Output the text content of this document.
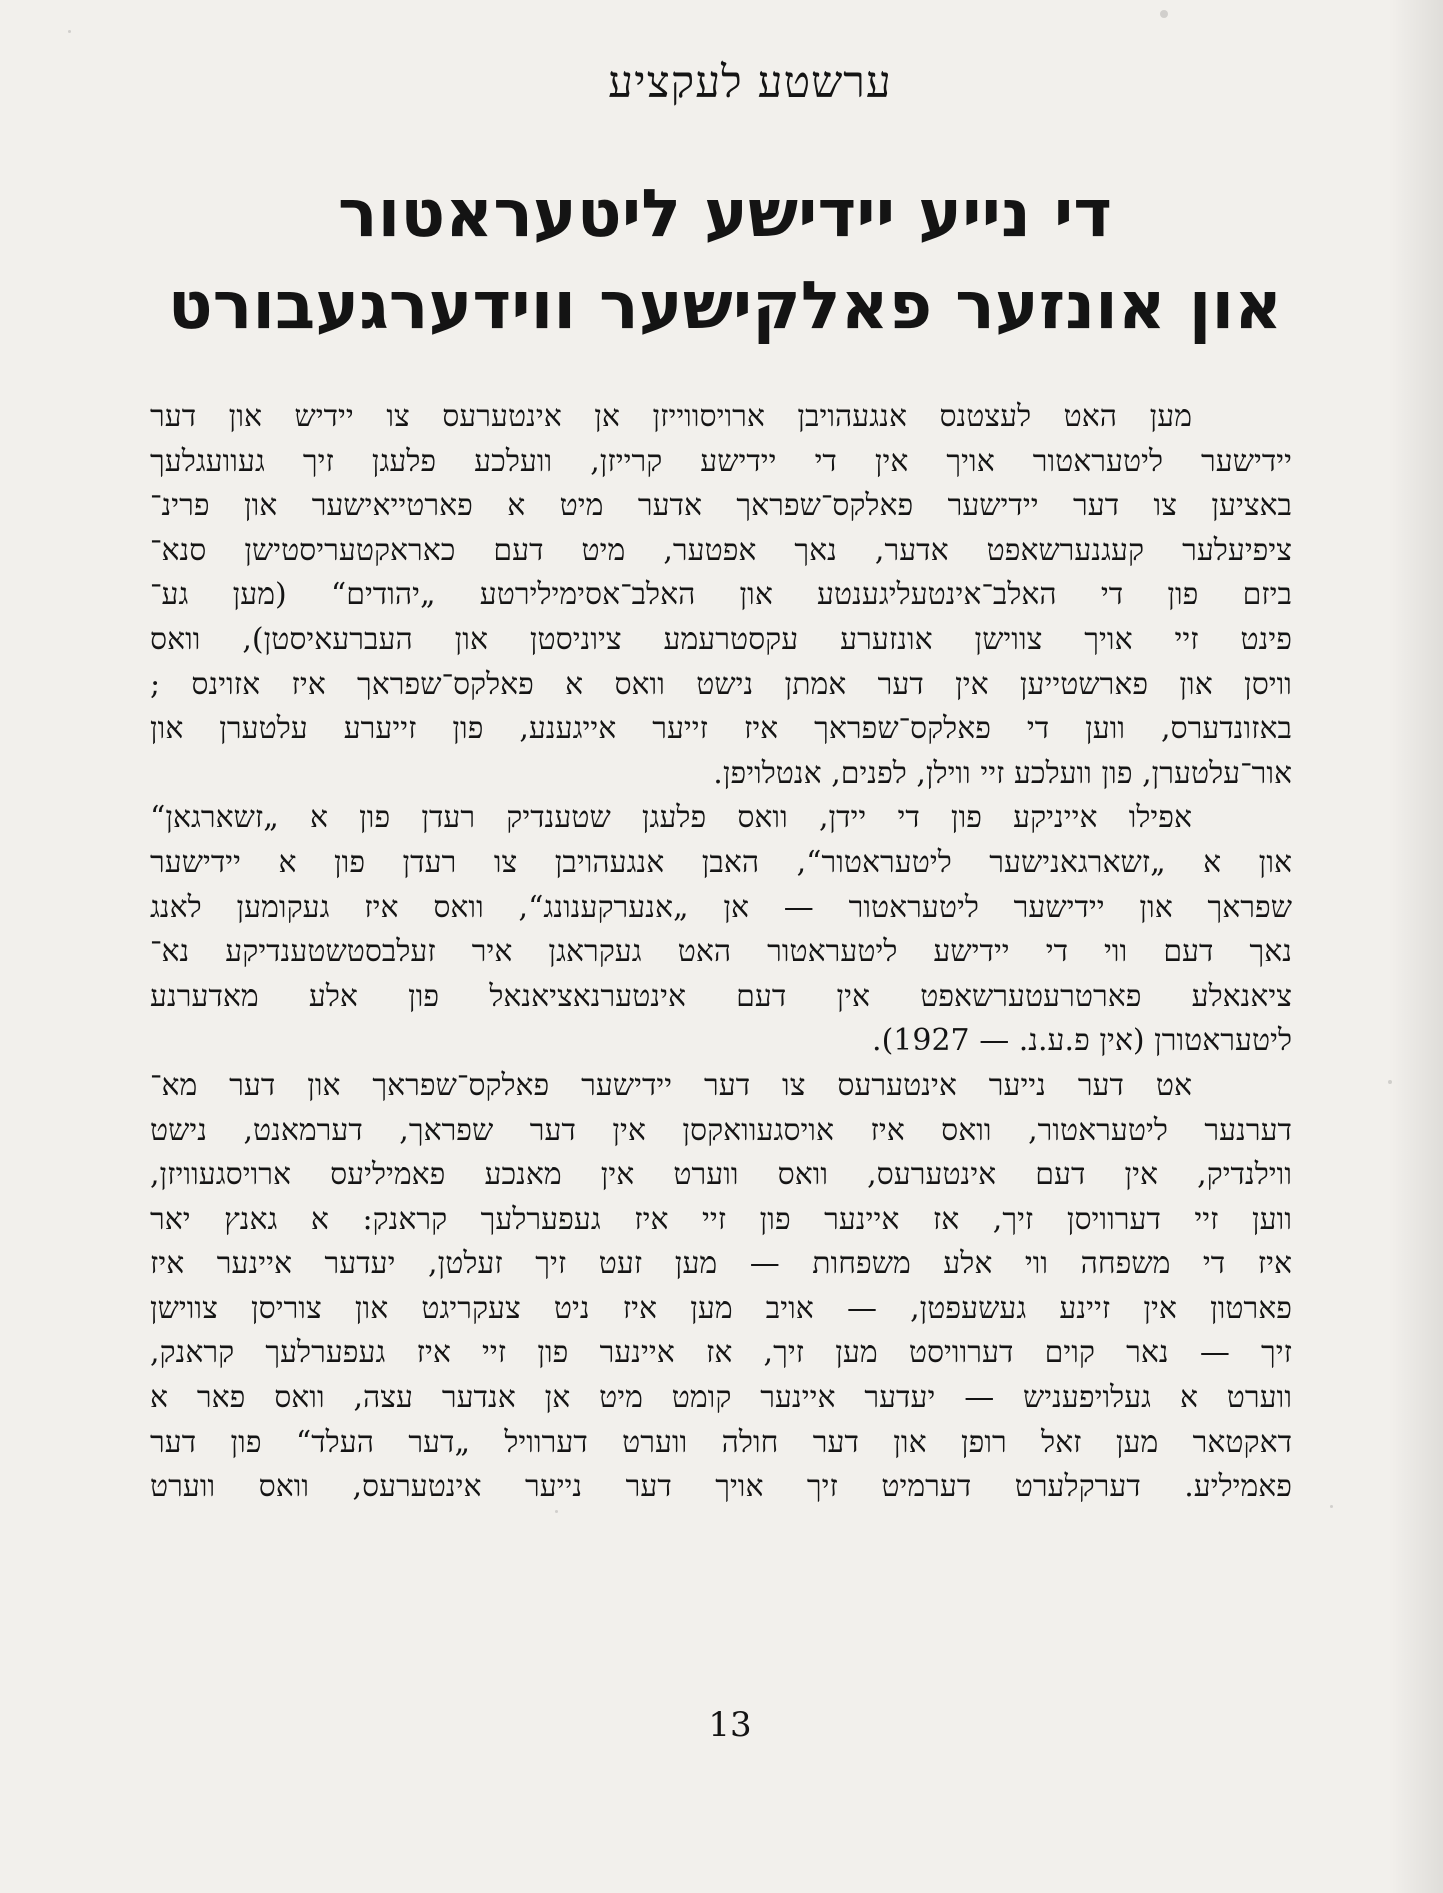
ערשטע לעקציע
די נייע יידישע ליטעראטור
און אונזער פאלקישער ווידערגעבורט
מען האט לעצטנס אנגעהויבן ארויסווייזן אן אינטערעס צו יידיש און דער
יידישער ליטעראטור אויך אין די יידישע קרייזן, וועלכע פלעגן זיך געוועגלעך
באציען צו דער יידישער פאלקס־שפראך אדער מיט א פארטייאישער און פרינ־
ציפיעלער קעגנערשאפט אדער, נאך אפטער, מיט דעם כאראקטעריסטישן סנא־
ביזם פון די האלב־אינטעליגענטע און האלב־אסימילירטע „יהודים“ (מען גע־
פינט זיי אויך צווישן אונזערע עקסטרעמע ציוניסטן און העברעאיסטן), וואס
וויסן און פארשטייען אין דער אמתן נישט וואס א פאלקס־שפראך איז אזוינס ;
באזונדערס, ווען די פאלקס־שפראך איז זייער אייגענע, פון זייערע עלטערן און
אור־עלטערן, פון וועלכע זיי ווילן, לפנים, אנטלויפן.
אפילו אייניקע פון די יידן, וואס פלעגן שטענדיק רעדן פון א „זשארגאן“
און א „זשארגאנישער ליטעראטור“, האבן אנגעהויבן צו רעדן פון א יידישער
שפראך און יידישער ליטעראטור — אן „אנערקענונג“, וואס איז געקומען לאנג
נאך דעם ווי די יידישע ליטעראטור האט געקראגן איר זעלבסטשטענדיקע נא־
ציאנאלע פארטרעטערשאפט אין דעם אינטערנאציאנאל פון אלע מאדערנע
ליטעראטורן (אין פ.ע.נ. — 1927).
אט דער נייער אינטערעס צו דער יידישער פאלקס־שפראך און דער מא־
דערנער ליטעראטור, וואס איז אויסגעוואקסן אין דער שפראך, דערמאנט, נישט
ווילנדיק, אין דעם אינטערעס, וואס ווערט אין מאנכע פאמיליעס ארויסגעוויזן,
ווען זיי דערוויסן זיך, אז איינער פון זיי איז געפערלעך קראנק: א גאנץ יאר
איז די משפחה ווי אלע משפחות — מען זעט זיך זעלטן, יעדער איינער איז
פארטון אין זיינע געשעפטן, — אויב מען איז ניט צעקריגט און צוריסן צווישן
זיך — נאר קוים דערוויסט מען זיך, אז איינער פון זיי איז געפערלעך קראנק,
ווערט א געלויפעניש — יעדער איינער קומט מיט אן אנדער עצה, וואס פאר א
דאקטאר מען זאל רופן און דער חולה ווערט דערוויל „דער העלד“ פון דער
פאמיליע. דערקלערט דערמיט זיך אויך דער נייער אינטערעס, וואס ווערט
13
